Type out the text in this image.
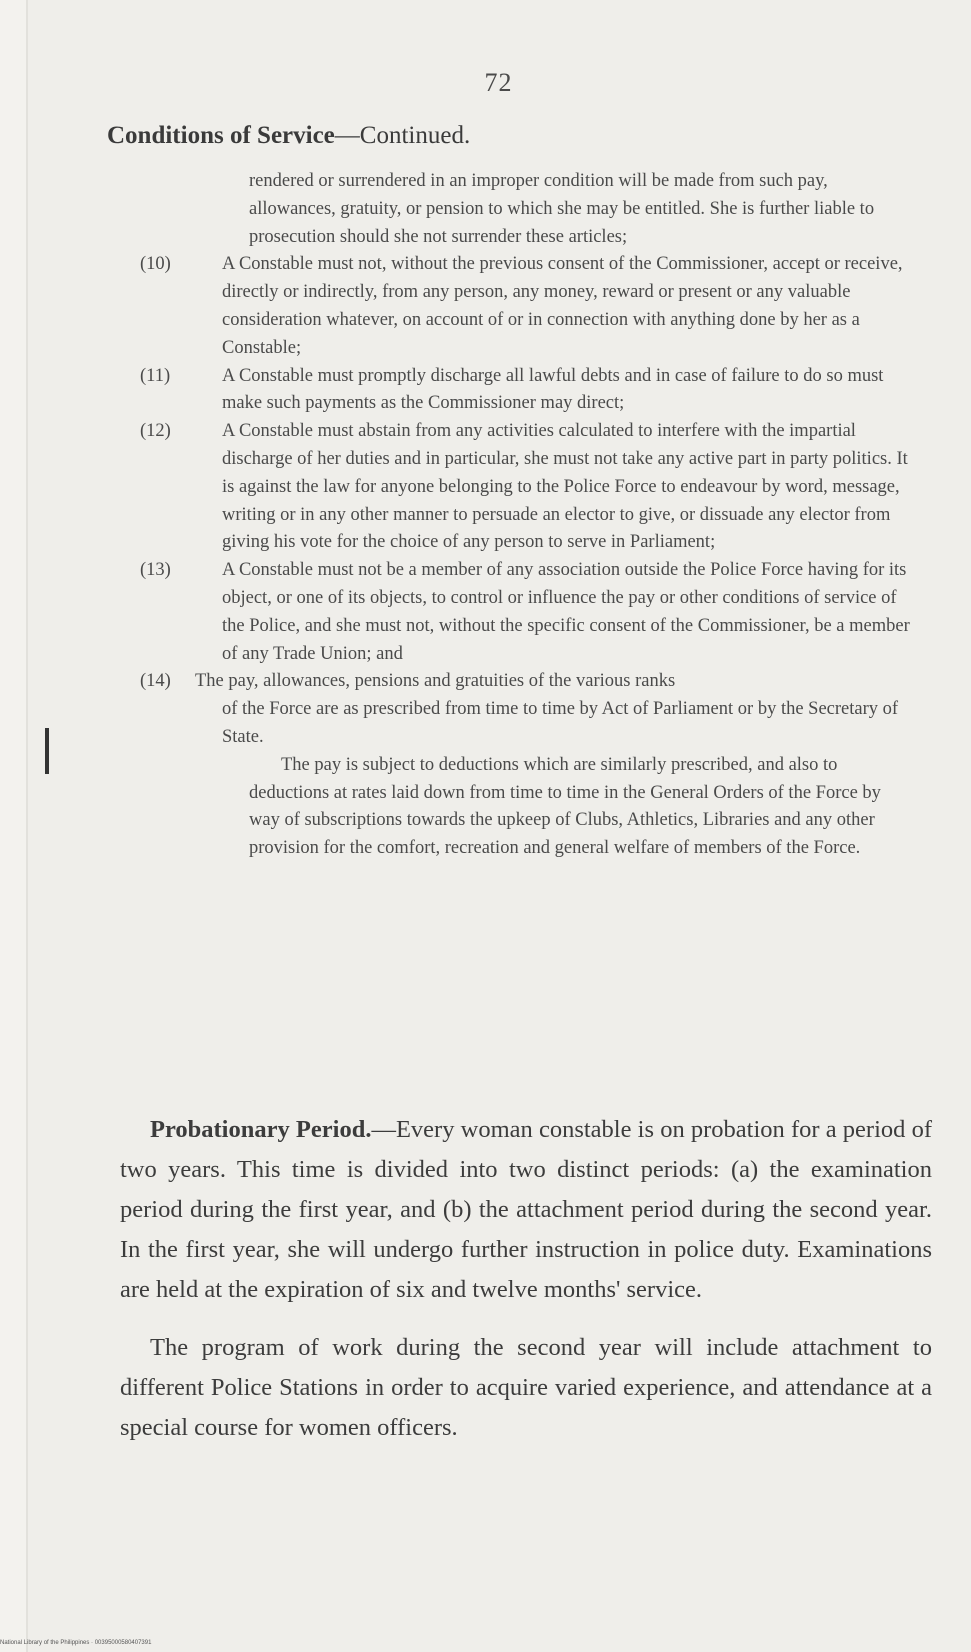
72
Conditions of Service—Continued.
rendered or surrendered in an improper condition will be made from such pay, allowances, gratuity, or pension to which she may be entitled. She is further liable to prosecution should she not surrender these articles;
(10)	A Constable must not, without the previous consent of the Commissioner, accept or receive, directly or indirectly, from any person, any money, reward or present or any valuable consideration whatever, on account of or in connection with anything done by her as a Constable;
(11)	A Constable must promptly discharge all lawful debts and in case of failure to do so must make such payments as the Commissioner may direct;
(12)	A Constable must abstain from any activities calculated to interfere with the impartial discharge of her duties and in particular, she must not take any active part in party politics. It is against the law for anyone belonging to the Police Force to endeavour by word, message, writing or in any other manner to persuade an elector to give, or dissuade any elector from giving his vote for the choice of any person to serve in Parliament;
(13)	A Constable must not be a member of any association outside the Police Force having for its object, or one of its objects, to control or influence the pay or other conditions of service of the Police, and she must not, without the specific consent of the Commissioner, be a member of any Trade Union; and
(14)	The pay, allowances, pensions and gratuities of the various ranks
of the Force are as prescribed from time to time by Act of Parliament or by the Secretary of State.
The pay is subject to deductions which are similarly prescribed, and also to deductions at rates laid down from time to time in the General Orders of the Force by way of subscriptions towards the upkeep of Clubs, Athletics, Libraries and any other provision for the comfort, recreation and general welfare of members of the Force.

Probationary Period.—Every woman constable is on probation for a period of two years. This time is divided into two distinct periods: (a) the examination period during the first year, and (b) the attachment period during the second year. In the first year, she will undergo further instruction in police duty. Examinations are held at the expiration of six and twelve months' service.

The program of work during the second year will include attachment to different Police Stations in order to acquire varied experience, and attendance at a special course for women officers.

National Library of the Philippines · 00395000580407391
